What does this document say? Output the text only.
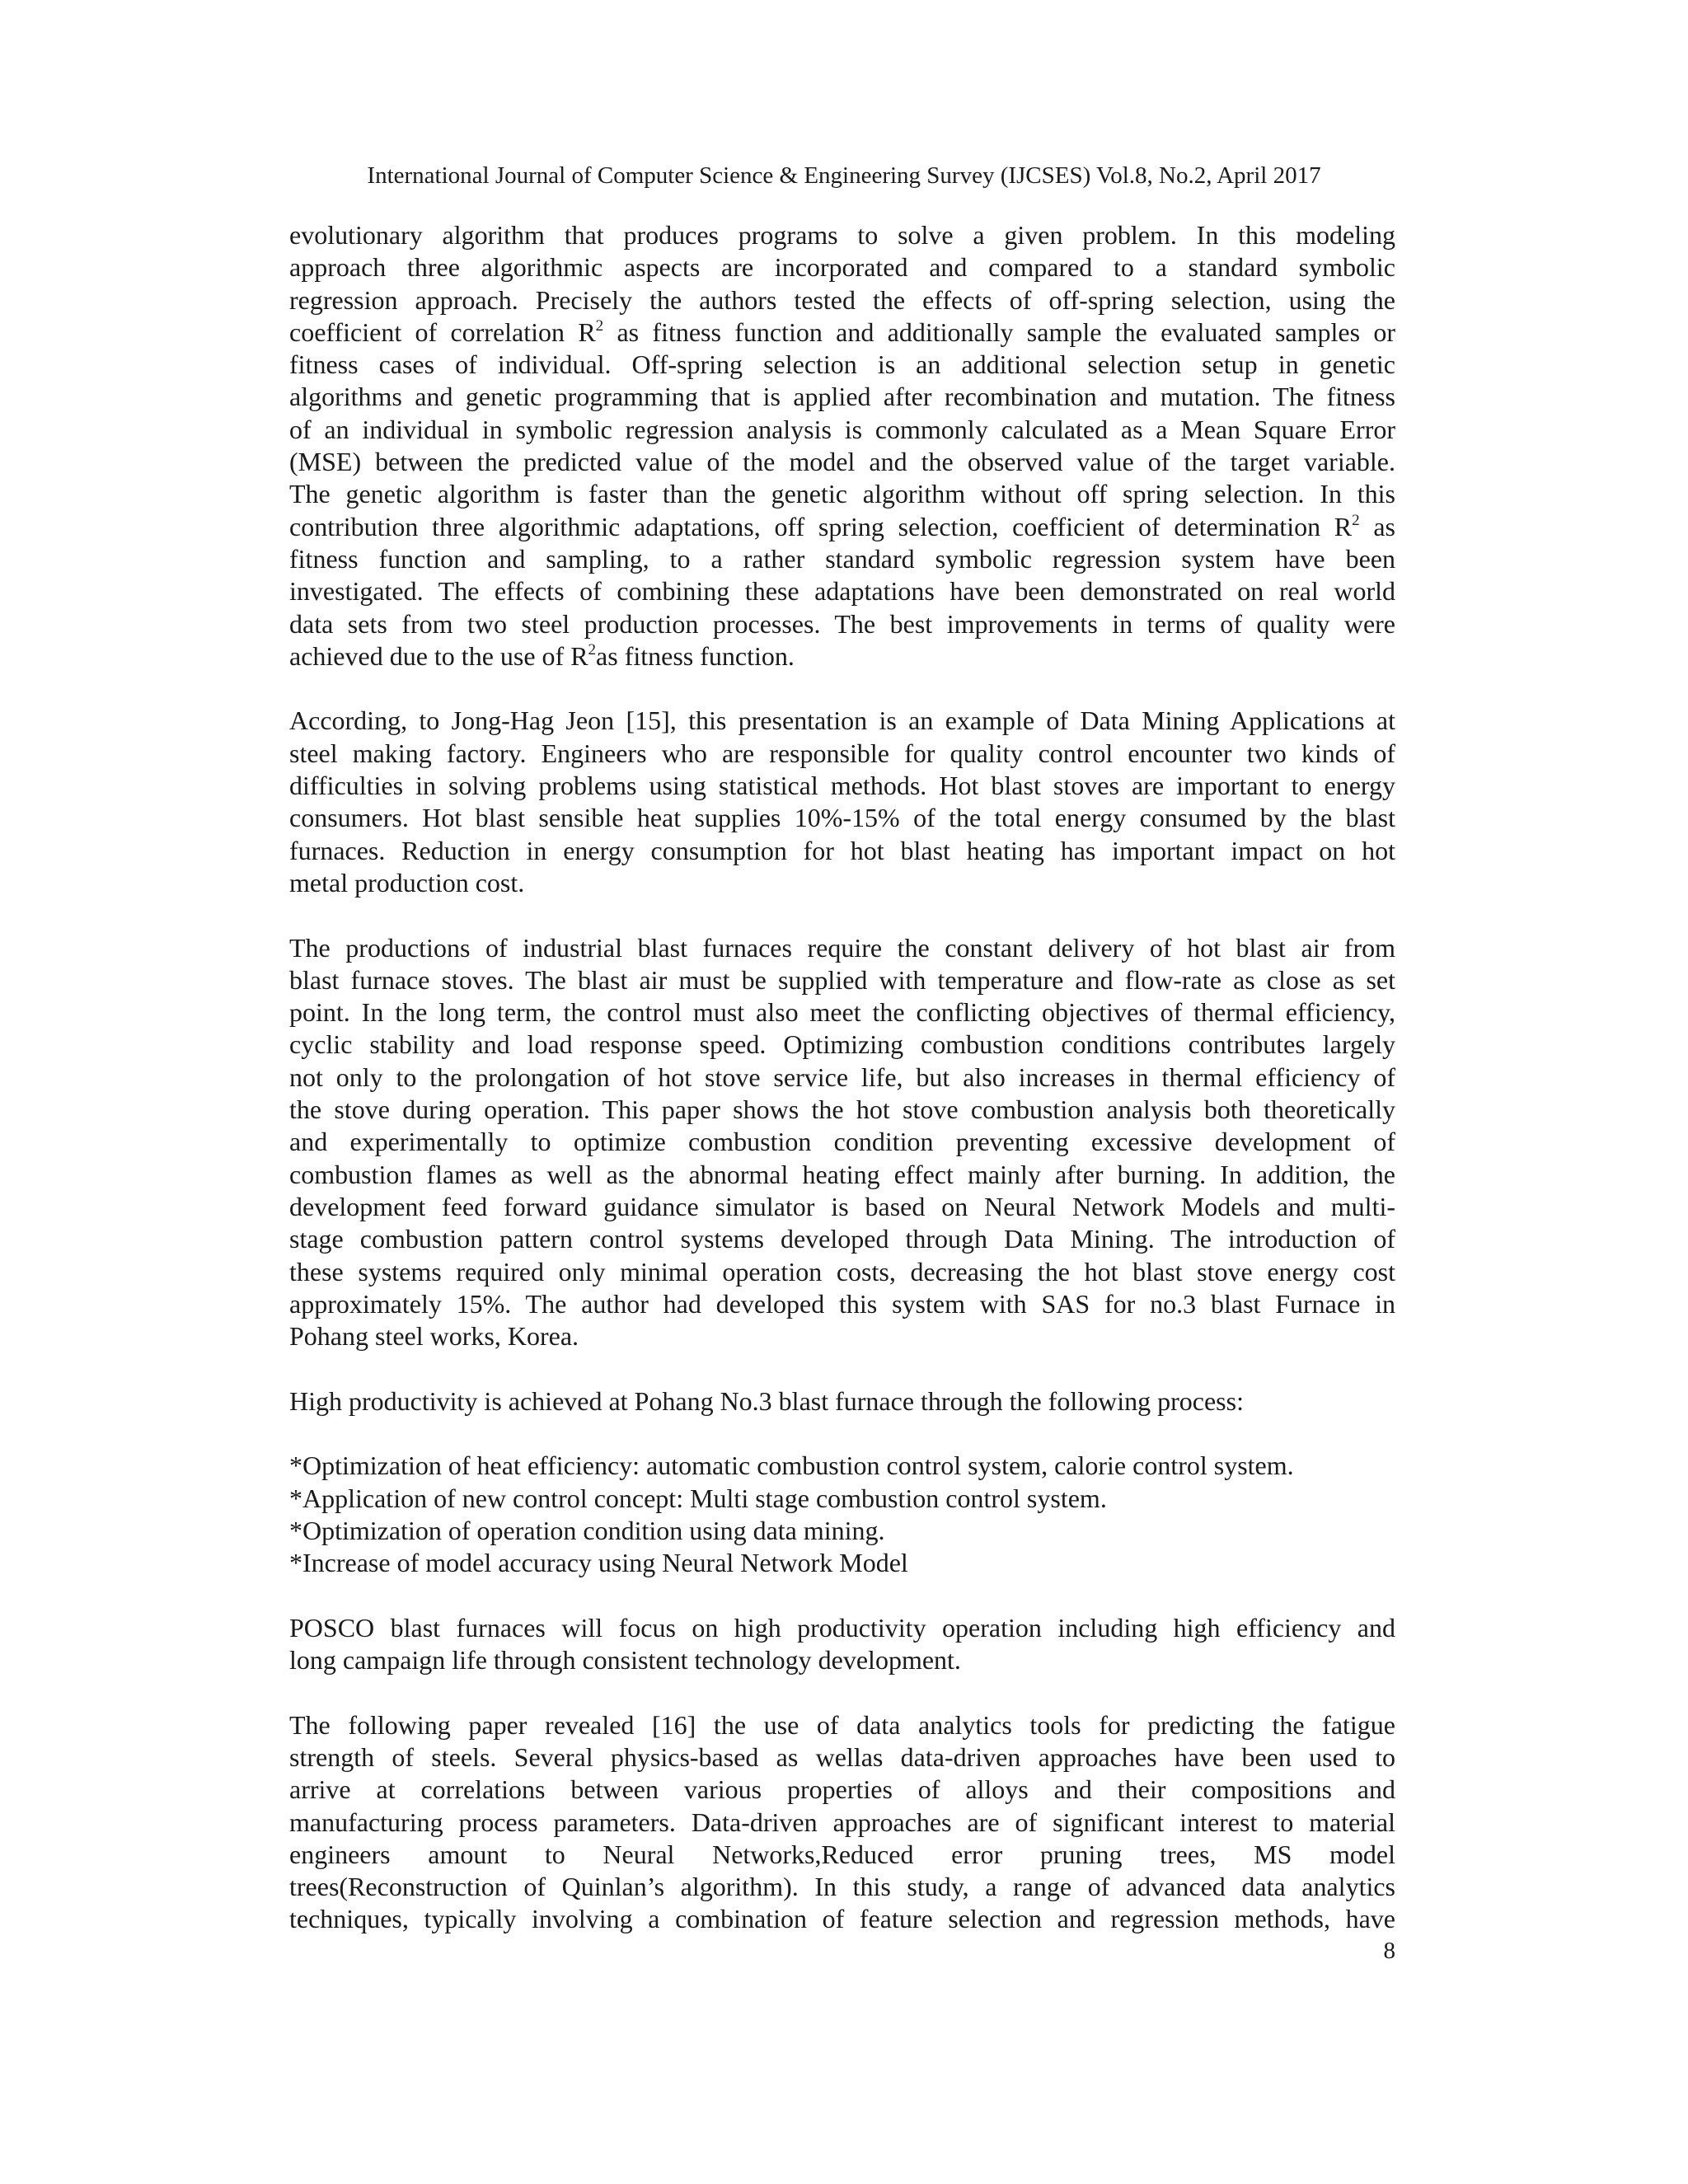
International Journal of Computer Science & Engineering Survey (IJCSES) Vol.8, No.2, April 2017
evolutionary algorithm that produces programs to solve a given problem. In this modeling
approach three algorithmic aspects are incorporated and compared to a standard symbolic
regression approach. Precisely the authors tested the effects of off-spring selection, using the
coefficient of correlation $R^2$ as fitness function and additionally sample the evaluated samples or
fitness cases of individual. Off-spring selection is an additional selection setup in genetic
algorithms and genetic programming that is applied after recombination and mutation. The fitness
of an individual in symbolic regression analysis is commonly calculated as a Mean Square Error
(MSE) between the predicted value of the model and the observed value of the target variable.
The genetic algorithm is faster than the genetic algorithm without off spring selection. In this
contribution three algorithmic adaptations, off spring selection, coefficient of determination $R^2$ as
fitness function and sampling, to a rather standard symbolic regression system have been
investigated. The effects of combining these adaptations have been demonstrated on real world
data sets from two steel production processes. The best improvements in terms of quality were
achieved due to the use of $R^2as$ fitness function.
According, to Jong-Hag Jeon [15], this presentation is an example of Data Mining Applications at
steel making factory. Engineers who are responsible for quality control encounter two kinds of
difficulties in solving problems using statistical methods. Hot blast stoves are important to energy
consumers. Hot blast sensible heat supplies 10%-15% of the total energy consumed by the blast
furnaces. Reduction in energy consumption for hot blast heating has important impact on hot
metal production cost.
The productions of industrial blast furnaces require the constant delivery of hot blast air from
blast furnace stoves. The blast air must be supplied with temperature and flow-rate as close as set
point. In the long term, the control must also meet the conflicting objectives of thermal efficiency,
cyclic stability and load response speed. Optimizing combustion conditions contributes largely
not only to the prolongation of hot stove service life, but also increases in thermal efficiency of
the stove during operation. This paper shows the hot stove combustion analysis both theoretically
and experimentally to optimize combustion condition preventing excessive development of
combustion flames as well as the abnormal heating effect mainly after burning. In addition, the
development feed forward guidance simulator is based on Neural Network Models and multi-
stage combustion pattern control systems developed through Data Mining. The introduction of
these systems required only minimal operation costs, decreasing the hot blast stove energy cost
approximately 15%. The author had developed this system with SAS for no.3 blast Furnace in
Pohang steel works, Korea.
High productivity is achieved at Pohang No.3 blast furnace through the following process:
*Optimization of heat efficiency: automatic combustion control system, calorie control system.
*Application of new control concept: Multi stage combustion control system.
*Optimization of operation condition using data mining.
*Increase of model accuracy using Neural Network Model
POSCO blast furnaces will focus on high productivity operation including high efficiency and
long campaign life through consistent technology development.
The following paper revealed [16] the use of data analytics tools for predicting the fatigue
strength of steels. Several physics-based as wellas data-driven approaches have been used to
arrive at correlations between various properties of alloys and their compositions and
manufacturing process parameters. Data-driven approaches are of significant interest to material
engineers amount to Neural Networks,Reduced error pruning trees, MS model
trees(Reconstruction of Quinlan’s algorithm). In this study, a range of advanced data analytics
techniques, typically involving a combination of feature selection and regression methods, have
8
